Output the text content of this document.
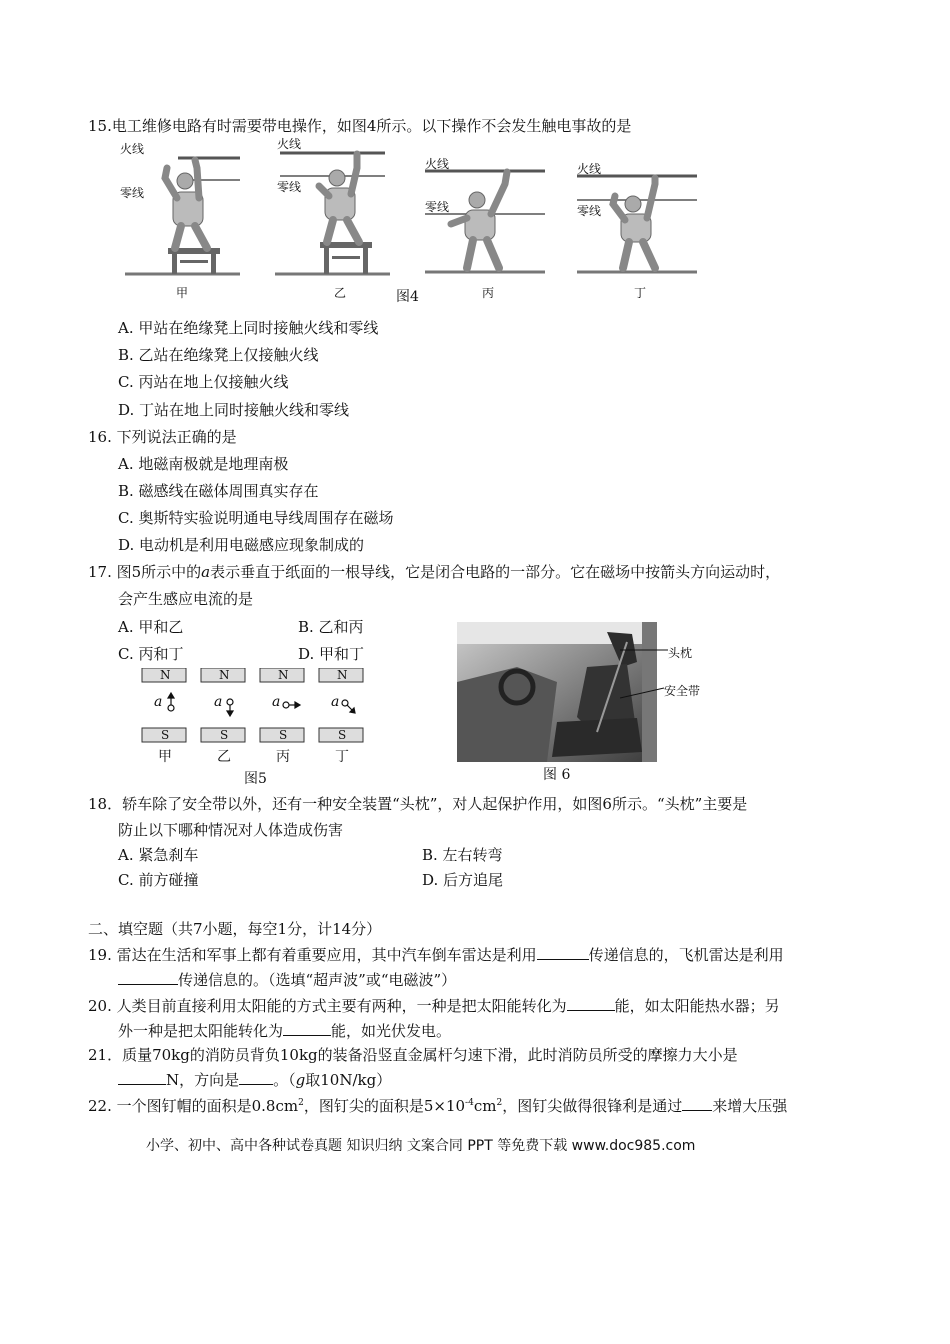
15.电工维修电路有时需要带电操作，如图4所示。以下操作不会发生触电事故的是
火线
零线
火线
零线
火线
零线
火线
零线
甲	乙	图4	丙	丁
A. 甲站在绝缘凳上同时接触火线和零线
B. 乙站在绝缘凳上仅接触火线
C. 丙站在地上仅接触火线
D. 丁站在地上同时接触火线和零线
16. 下列说法正确的是
A. 地磁南极就是地理南极
B. 磁感线在磁体周围真实存在
C. 奥斯特实验说明通电导线周围存在磁场
D. 电动机是利用电磁感应现象制成的
17. 图5所示中的a表示垂直于纸面的一根导线，它是闭合电路的一部分。它在磁场中按箭头方向运动时，
会产生感应电流的是
A. 甲和乙	B. 乙和丙
C. 丙和丁	D. 甲和丁
N	N	N	N
S	S	S	S
a	a	a	a
甲	乙	丙	丁
图5
头枕
安全带
图 6
18．轿车除了安全带以外，还有一种安全装置“头枕”，对人起保护作用，如图6所示。“头枕”主要是
防止以下哪种情况对人体造成伤害
A. 紧急刹车	B. 左右转弯
C. 前方碰撞	D. 后方追尾
二、填空题（共7小题，每空1分，计14分）
19. 雷达在生活和军事上都有着重要应用，其中汽车倒车雷达是利用	传递信息的，飞机雷达是利用
传递信息的。（选填“超声波”或“电磁波”）
20. 人类目前直接利用太阳能的方式主要有两种，一种是把太阳能转化为	能，如太阳能热水器；另
外一种是把太阳能转化为	能，如光伏发电。
21．质量70kg的消防员背负10kg的装备沿竖直金属杆匀速下滑，此时消防员所受的摩擦力大小是
N，方向是 。（g取10N/kg）
22. 一个图钉帽的面积是$0.8cm^2$，图钉尖的面积是$5\times 10^{-4}cm^2$，图钉尖做得很锋利是通过 来增大压强
小学、初中、高中各种试卷真题 知识归纳 文案合同 PPT 等免费下载 www.doc985.com
